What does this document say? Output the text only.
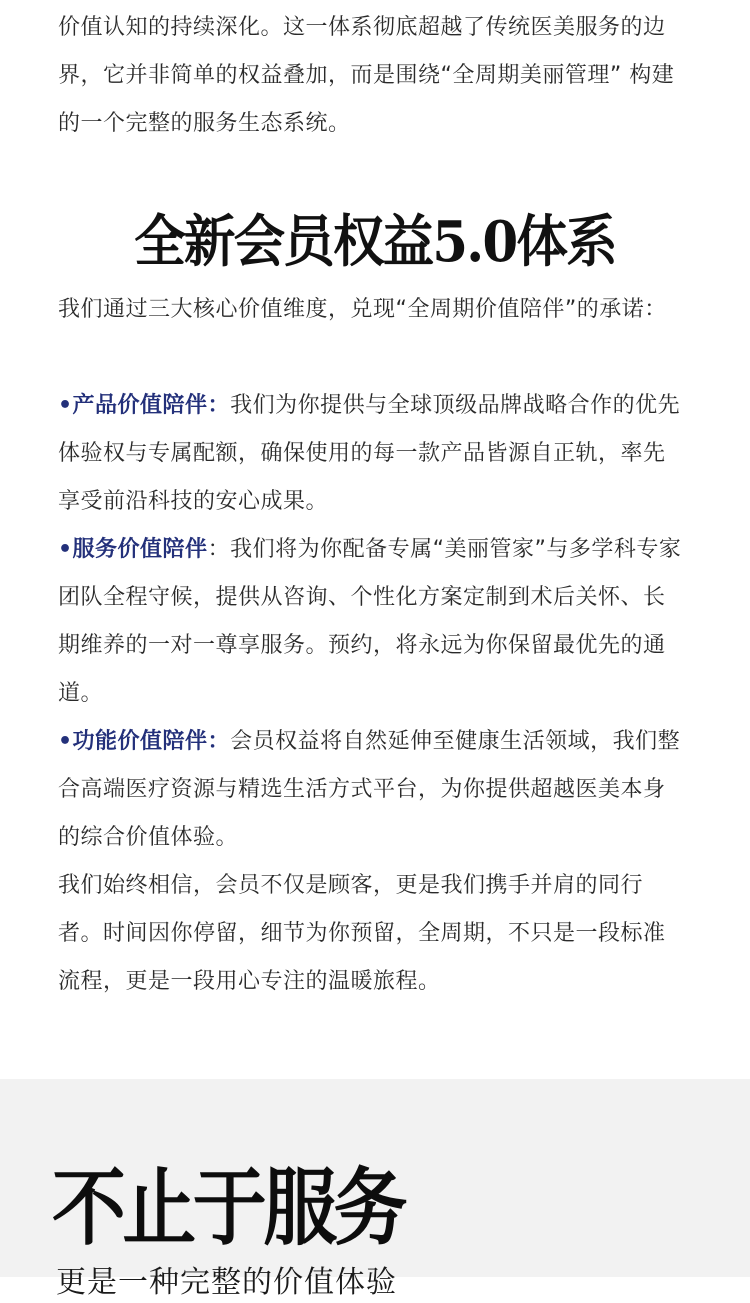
价值认知的持续深化。这一体系彻底超越了传统医美服务的边界，它并非简单的权益叠加，而是围绕“全周期美丽管理” 构建的一个完整的服务生态系统。

全新会员权益5.0体系

我们通过三大核心价值维度，兑现“全周期价值陪伴”的承诺：

•产品价值陪伴：我们为你提供与全球顶级品牌战略合作的优先体验权与专属配额，确保使用的每一款产品皆源自正轨，率先享受前沿科技的安心成果。

•服务价值陪伴：我们将为你配备专属“美丽管家”与多学科专家团队全程守候，提供从咨询、个性化方案定制到术后关怀、长期维养的一对一尊享服务。预约，将永远为你保留最优先的通道。

•功能价值陪伴：会员权益将自然延伸至健康生活领域，我们整合高端医疗资源与精选生活方式平台，为你提供超越医美本身的综合价值体验。

我们始终相信，会员不仅是顾客，更是我们携手并肩的同行者。时间因你停留，细节为你预留，全周期，不只是一段标准流程，更是一段用心专注的温暖旅程。

不止于服务

更是一种完整的价值体验
